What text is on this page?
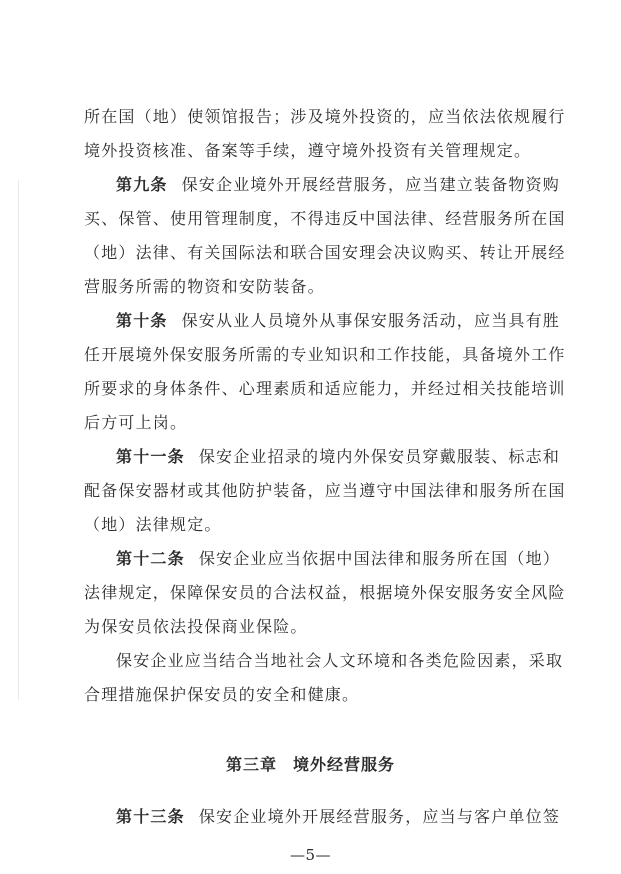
所在国（地）使领馆报告；涉及境外投资的，应当依法依规履行
境外投资核准、备案等手续，遵守境外投资有关管理规定。
第九条 保安企业境外开展经营服务，应当建立装备物资购
买、保管、使用管理制度，不得违反中国法律、经营服务所在国
（地）法律、有关国际法和联合国安理会决议购买、转让开展经
营服务所需的物资和安防装备。
第十条 保安从业人员境外从事保安服务活动，应当具有胜
任开展境外保安服务所需的专业知识和工作技能，具备境外工作
所要求的身体条件、心理素质和适应能力，并经过相关技能培训
后方可上岗。
第十一条 保安企业招录的境内外保安员穿戴服装、标志和
配备保安器材或其他防护装备，应当遵守中国法律和服务所在国
（地）法律规定。
第十二条 保安企业应当依据中国法律和服务所在国（地）
法律规定，保障保安员的合法权益，根据境外保安服务安全风险
为保安员依法投保商业保险。
保安企业应当结合当地社会人文环境和各类危险因素，采取
合理措施保护保安员的安全和健康。
第三章 境外经营服务
第十三条 保安企业境外开展经营服务，应当与客户单位签
—5—
